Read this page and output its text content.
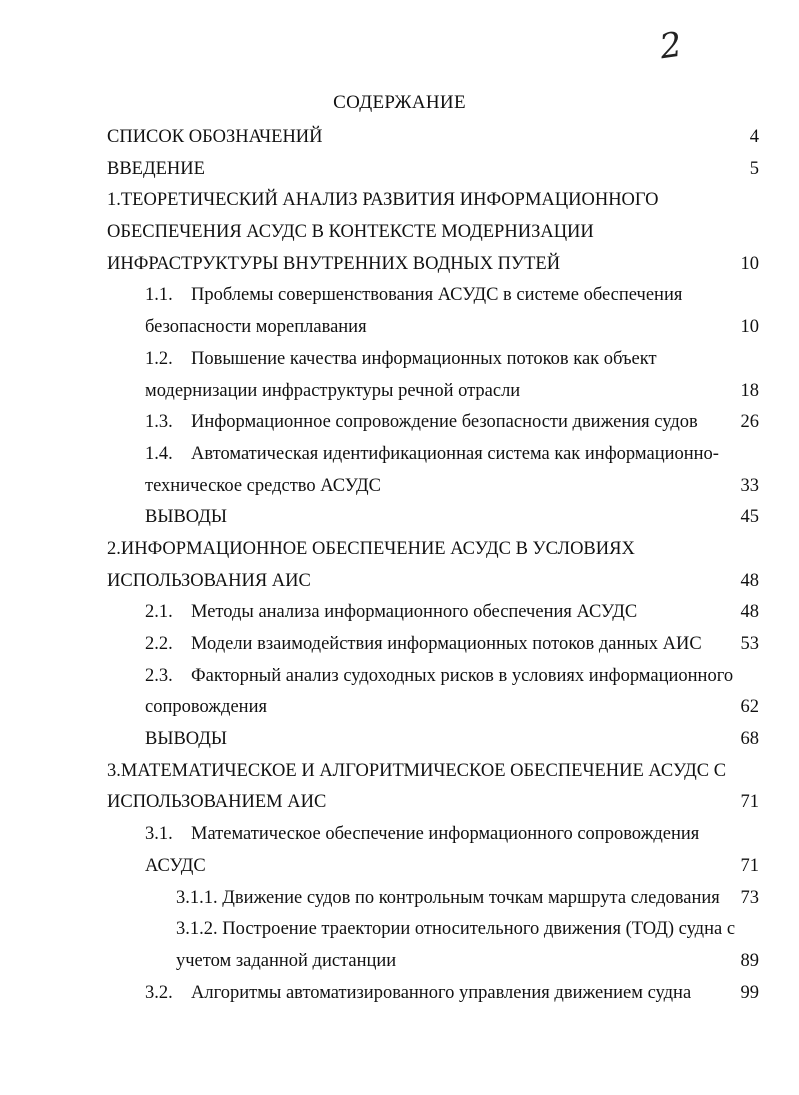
2
СОДЕРЖАНИЕ
СПИСОК ОБОЗНАЧЕНИЙ	4
ВВЕДЕНИЕ	5
1.ТЕОРЕТИЧЕСКИЙ АНАЛИЗ РАЗВИТИЯ ИНФОРМАЦИОННОГО
ОБЕСПЕЧЕНИЯ АСУДС В КОНТЕКСТЕ МОДЕРНИЗАЦИИ
ИНФРАСТРУКТУРЫ ВНУТРЕННИХ ВОДНЫХ ПУТЕЙ	10
1.1. Проблемы совершенствования АСУДС в системе обеспечения
безопасности мореплавания	10
1.2. Повышение качества информационных потоков как объект
модернизации инфраструктуры речной отрасли	18
1.3. Информационное сопровождение безопасности движения судов 26
1.4. Автоматическая идентификационная система как информационно-
техническое средство АСУДС	33
ВЫВОДЫ	45
2.ИНФОРМАЦИОННОЕ ОБЕСПЕЧЕНИЕ АСУДС В УСЛОВИЯХ
ИСПОЛЬЗОВАНИЯ АИС	48
2.1. Методы анализа информационного обеспечения АСУДС	48
2.2. Модели взаимодействия информационных потоков данных АИС 53
2.3. Факторный анализ судоходных рисков в условиях информационного
сопровождения	62
ВЫВОДЫ	68
3.МАТЕМАТИЧЕСКОЕ И АЛГОРИТМИЧЕСКОЕ ОБЕСПЕЧЕНИЕ АСУДС С
ИСПОЛЬЗОВАНИЕМ АИС	71
3.1. Математическое обеспечение информационного сопровождения
АСУДС	71
3.1.1. Движение судов по контрольным точкам маршрута следования 73
3.1.2. Построение траектории относительного движения (ТОД) судна с
учетом заданной дистанции	89
3.2. Алгоритмы автоматизированного управления движением судна	99
